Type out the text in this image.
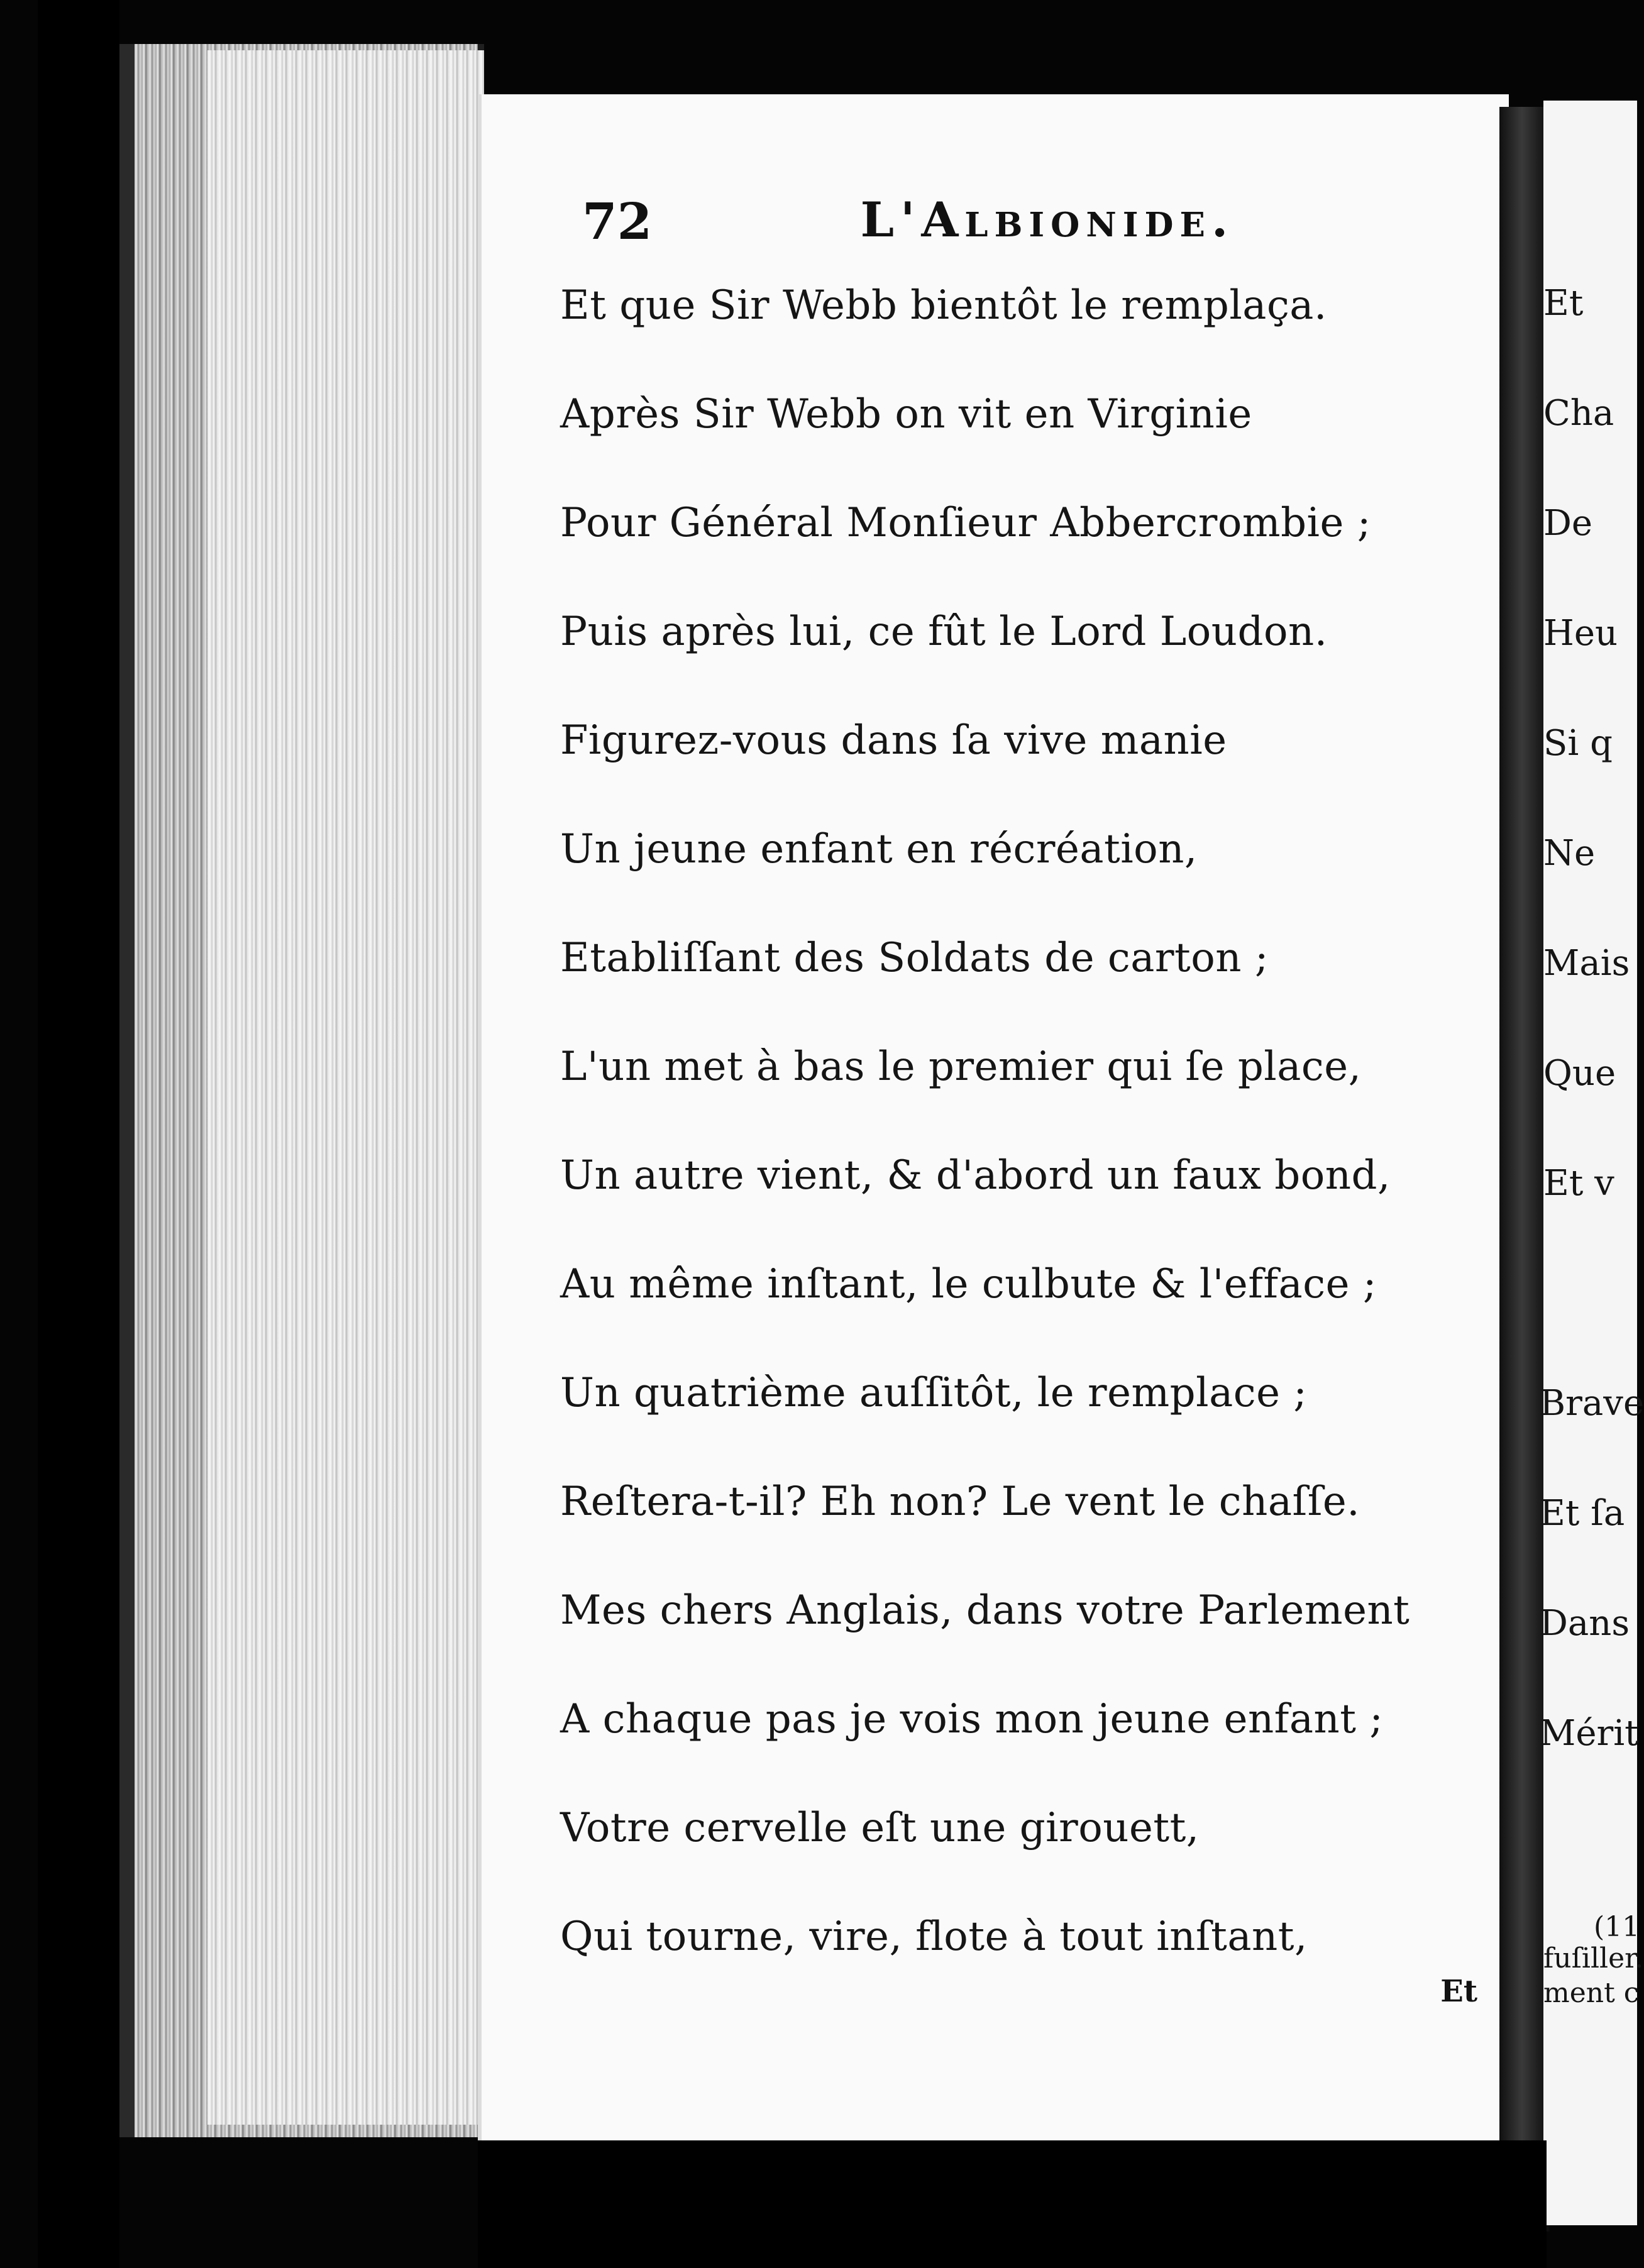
72	L'Albionide.
Et que Sir Webb bientôt le remplaça.
Après Sir Webb on vit en Virginie
Pour Général Monſieur Abbercrombie ;
Puis après lui, ce fût le Lord Loudon.
Figurez-vous dans ſa vive manie
Un jeune enfant en récréation,
Etabliſſant des Soldats de carton ;
L'un met à bas le premier qui ſe place,
Un autre vient, & d'abord un faux bond,
Au même inſtant, le culbute & l'efface ;
Un quatrième auſſitôt, le remplace ;
Reſtera-t-il? Eh non? Le vent le chaſſe.
Mes chers Anglais, dans votre Parlement
A chaque pas je vois mon jeune enfant ;
Votre cervelle eſt une girouett,
Qui tourne, vire, flote à tout inſtant,
Et
Et
Cha
De
Heu
Si q
Ne
Mais
Que
Et v
Brave
Et ſa
Dans
Mérit
(11
fuſiller.
ment c
